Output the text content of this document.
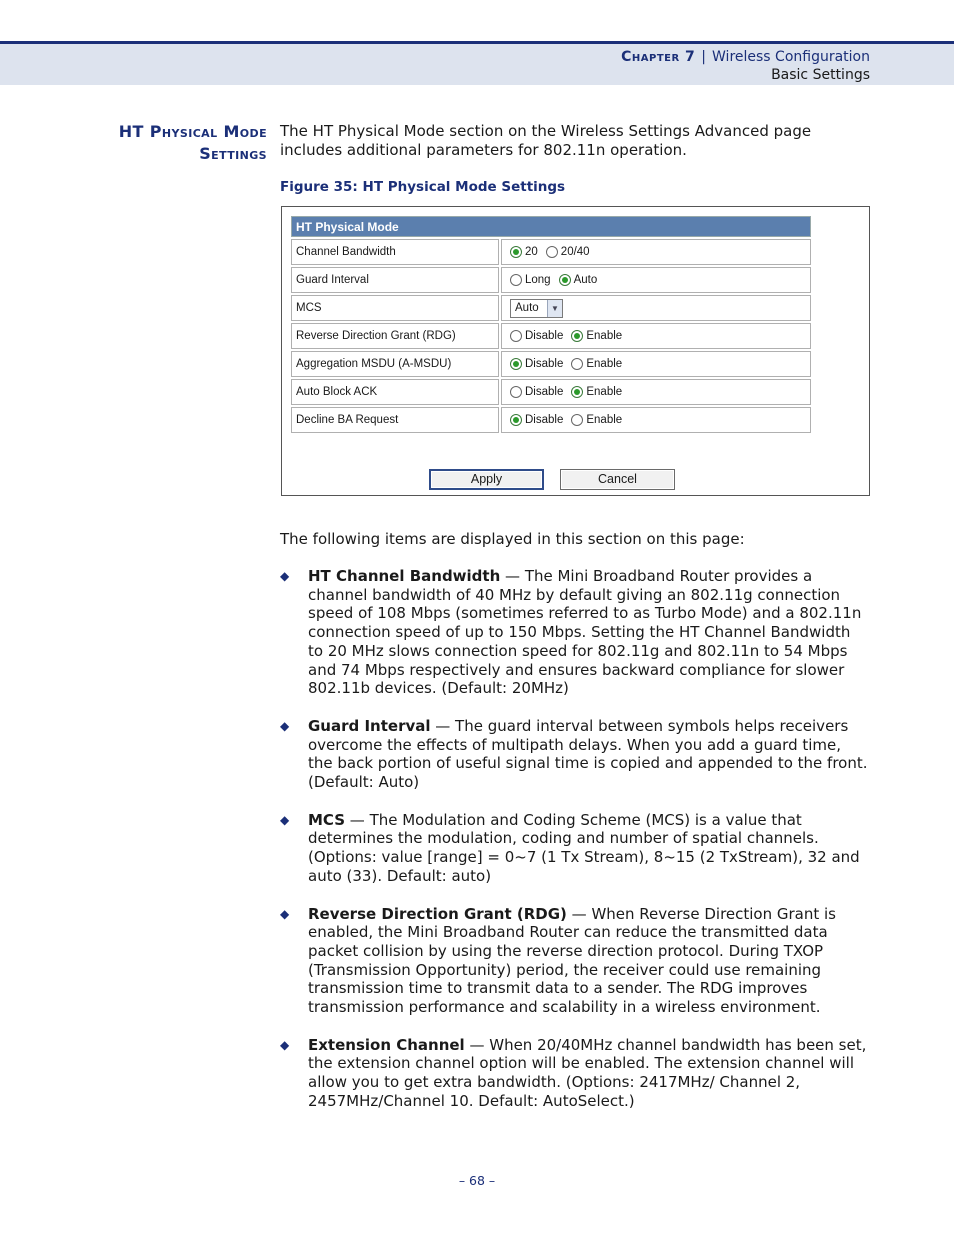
Chapter 7 | Wireless Configuration
Basic Settings
HT Physical Mode
Settings

The HT Physical Mode section on the Wireless Settings Advanced page includes additional parameters for 802.11n operation.

Figure 35: HT Physical Mode Settings
HT Physical Mode
Channel Bandwidth	20 20/40
Guard Interval	Long Auto
MCS	Auto	▼
Reverse Direction Grant (RDG)	Disable Enable
Aggregation MSDU (A-MSDU)	Disable Enable
Auto Block ACK	Disable Enable
Decline BA Request	Disable Enable
Apply	Cancel

The following items are displayed in this section on this page:

◆ HT Channel Bandwidth — The Mini Broadband Router provides a channel bandwidth of 40 MHz by default giving an 802.11g connection speed of 108 Mbps (sometimes referred to as Turbo Mode) and a 802.11n connection speed of up to 150 Mbps. Setting the HT Channel Bandwidth to 20 MHz slows connection speed for 802.11g and 802.11n to 54 Mbps and 74 Mbps respectively and ensures backward compliance for slower 802.11b devices. (Default: 20MHz)
◆ Guard Interval — The guard interval between symbols helps receivers overcome the effects of multipath delays. When you add a guard time, the back portion of useful signal time is copied and appended to the front. (Default: Auto)
◆ MCS — The Modulation and Coding Scheme (MCS) is a value that determines the modulation, coding and number of spatial channels. (Options: value [range] = 0~7 (1 Tx Stream), 8~15 (2 TxStream), 32 and auto (33). Default: auto)
◆ Reverse Direction Grant (RDG) — When Reverse Direction Grant is enabled, the Mini Broadband Router can reduce the transmitted data packet collision by using the reverse direction protocol. During TXOP (Transmission Opportunity) period, the receiver could use remaining transmission time to transmit data to a sender. The RDG improves transmission performance and scalability in a wireless environment.
◆ Extension Channel — When 20/40MHz channel bandwidth has been set, the extension channel option will be enabled. The extension channel will allow you to get extra bandwidth. (Options: 2417MHz/ Channel 2, 2457MHz/Channel 10. Default: AutoSelect.)
– 68 –
